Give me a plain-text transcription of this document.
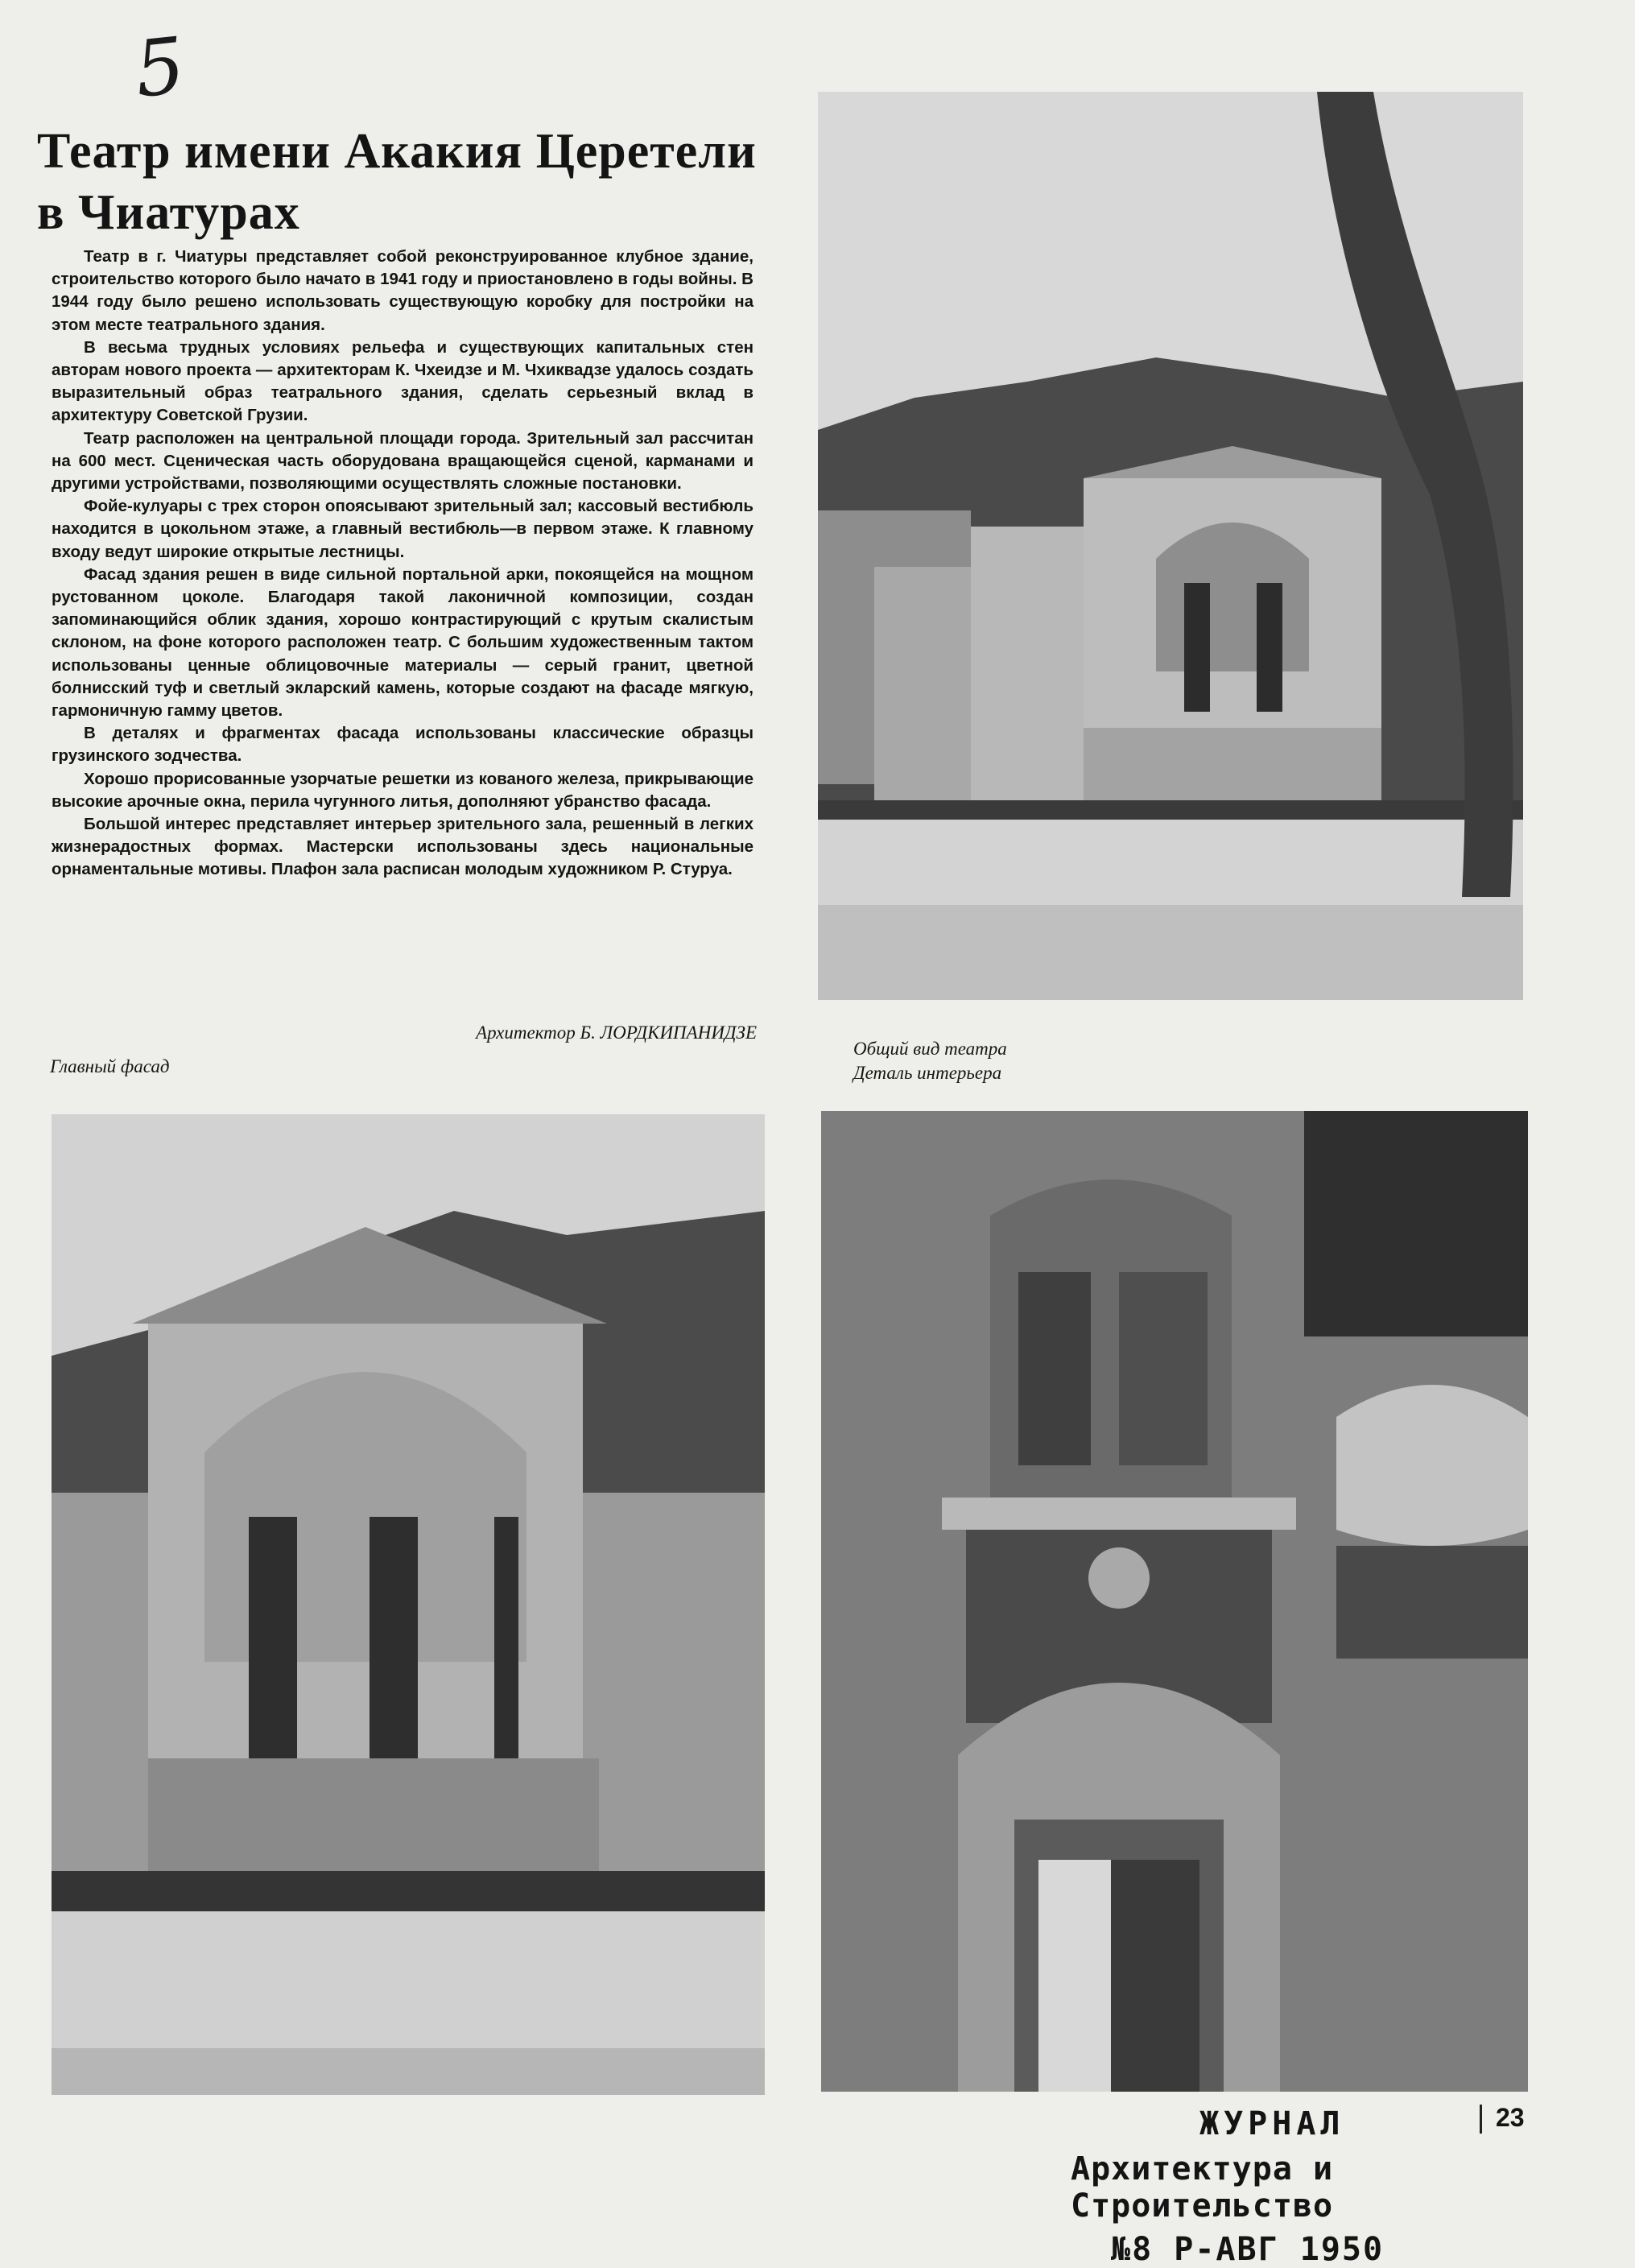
5
Театр имени Акакия Церетели
в Чиатурах

Театр в г. Чиатуры представляет собой реконструированное клубное здание, строительство которого было начато в 1941 году и приостановлено в годы войны. В 1944 году было решено использовать существующую коробку для постройки на этом месте театрального здания.

В весьма трудных условиях рельефа и существующих капитальных стен авторам нового проекта — архитекторам К. Чхеидзе и М. Чхиквадзе удалось создать выразительный образ театрального здания, сделать серьезный вклад в архитектуру Советской Грузии.

Театр расположен на центральной площади города. Зрительный зал рассчитан на 600 мест. Сценическая часть оборудована вращающейся сценой, карманами и другими устройствами, позволяющими осуществлять сложные постановки.

Фойе-кулуары с трех сторон опоясывают зрительный зал; кассовый вестибюль находится в цокольном этаже, а главный вестибюль—в первом этаже. К главному входу ведут широкие открытые лестницы.

Фасад здания решен в виде сильной портальной арки, покоящейся на мощном рустованном цоколе. Благодаря такой лаконичной композиции, создан запоминающийся облик здания, хорошо контрастирующий с крутым скалистым склоном, на фоне которого расположен театр. С большим художественным тактом использованы ценные облицовочные материалы — серый гранит, цветной болнисский туф и светлый экларский камень, которые создают на фасаде мягкую, гармоничную гамму цветов.

В деталях и фрагментах фасада использованы классические образцы грузинского зодчества.

Хорошо прорисованные узорчатые решетки из кованого железа, прикрывающие высокие арочные окна, перила чугунного литья, дополняют убранство фасада.

Большой интерес представляет интерьер зрительного зала, решенный в легких жизнерадостных формах. Мастерски использованы здесь национальные орнаментальные мотивы. Плафон зала расписан молодым художником Р. Стуруа.

Архитектор Б. ЛОРДКИПАНИДЗЕ
Общий вид театра
Деталь интерьера
Главный фасад
23
ЖУРНАЛ
Архитектура и Строительство
№8 Р-АВГ 1950
